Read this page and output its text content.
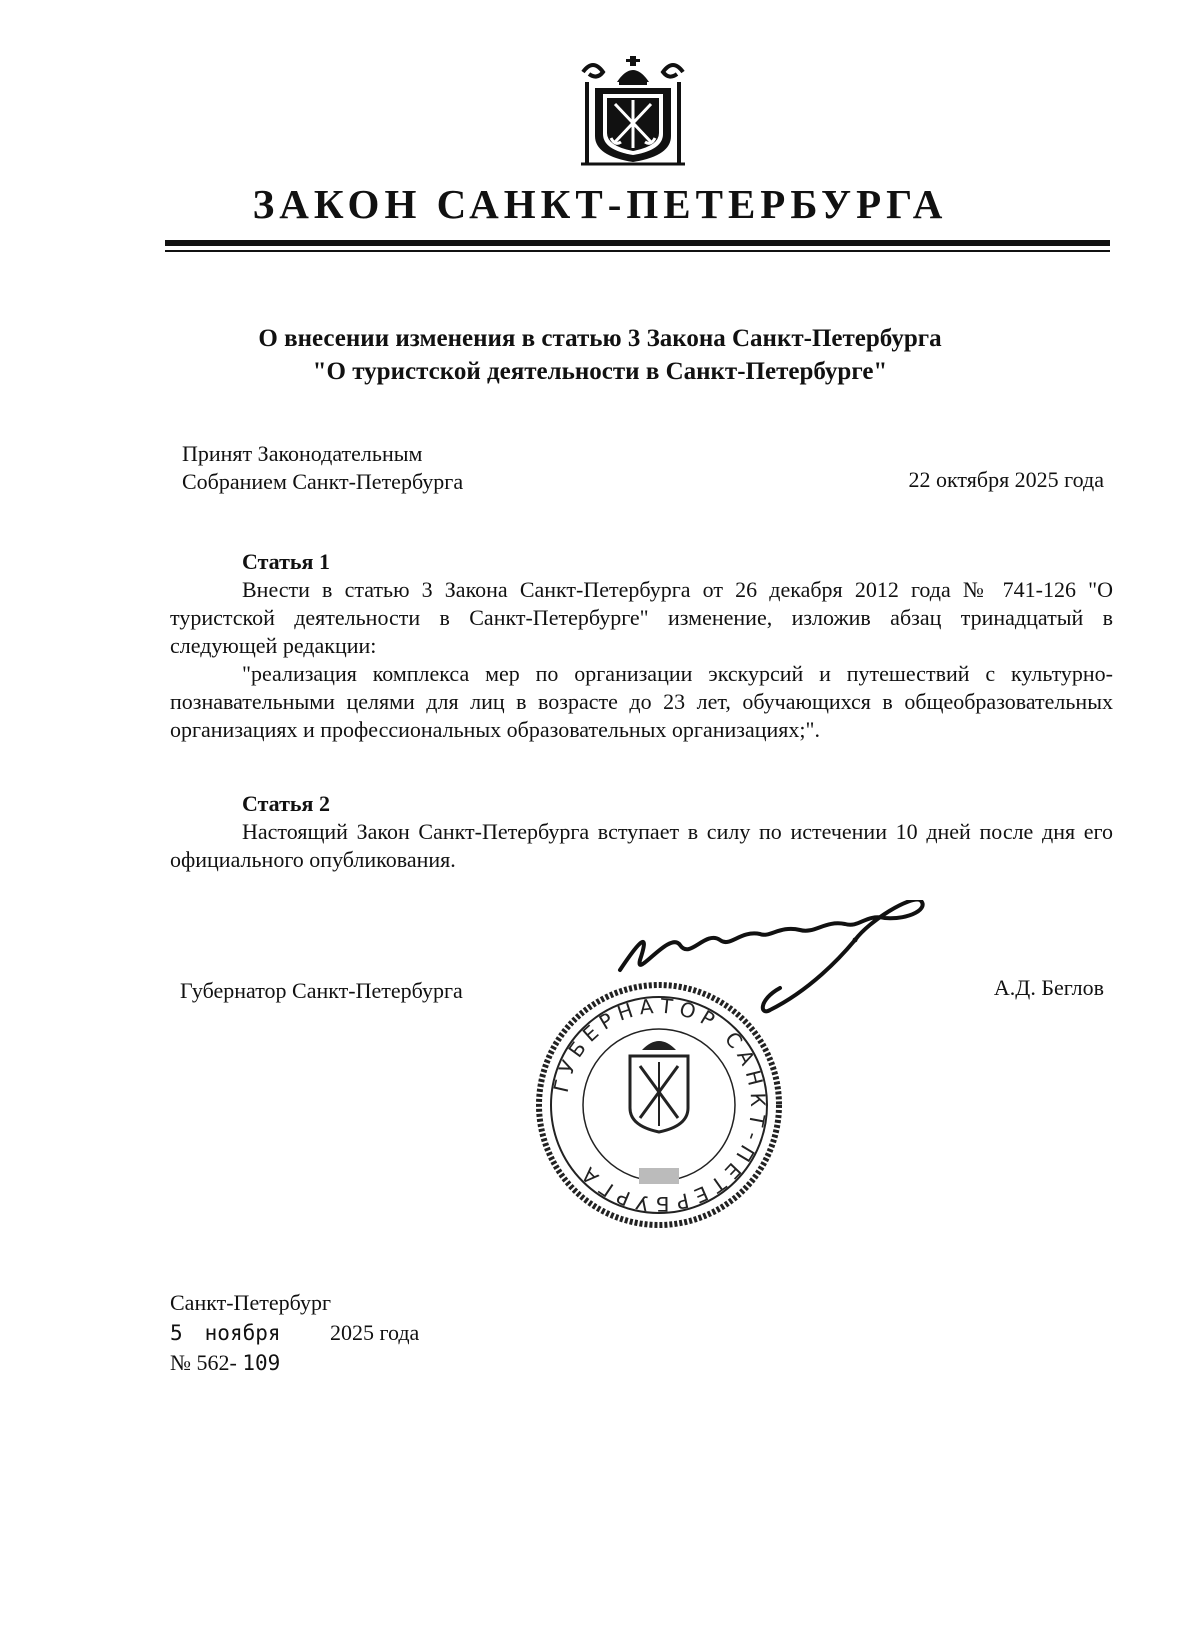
ЗАКОН САНКТ-ПЕТЕРБУРГА
О внесении изменения в статью 3 Закона Санкт-Петербурга
"О туристской деятельности в Санкт-Петербурге"
Принят Законодательным
Собранием Санкт-Петербурга	22 октября 2025 года
Статья 1

Внести в статью 3 Закона Санкт-Петербурга от 26 декабря 2012 года № 741-126 "О туристской деятельности в Санкт-Петербурге" изменение, изложив абзац тринадцатый в следующей редакции:

"реализация комплекса мер по организации экскурсий и путешествий с культурно-познавательными целями для лиц в возрасте до 23 лет, обучающихся в общеобразовательных организациях и профессиональных образовательных организациях;".

Статья 2

Настоящий Закон Санкт-Петербурга вступает в силу по истечении 10 дней после дня его официального опубликования.

Губернатор Санкт-Петербурга	А.Д. Беглов
ГУБЕРНАТОР САНКТ-ПЕТЕРБУРГА
Санкт-Петербург
5 ноября 2025 года
№ 562- 109
